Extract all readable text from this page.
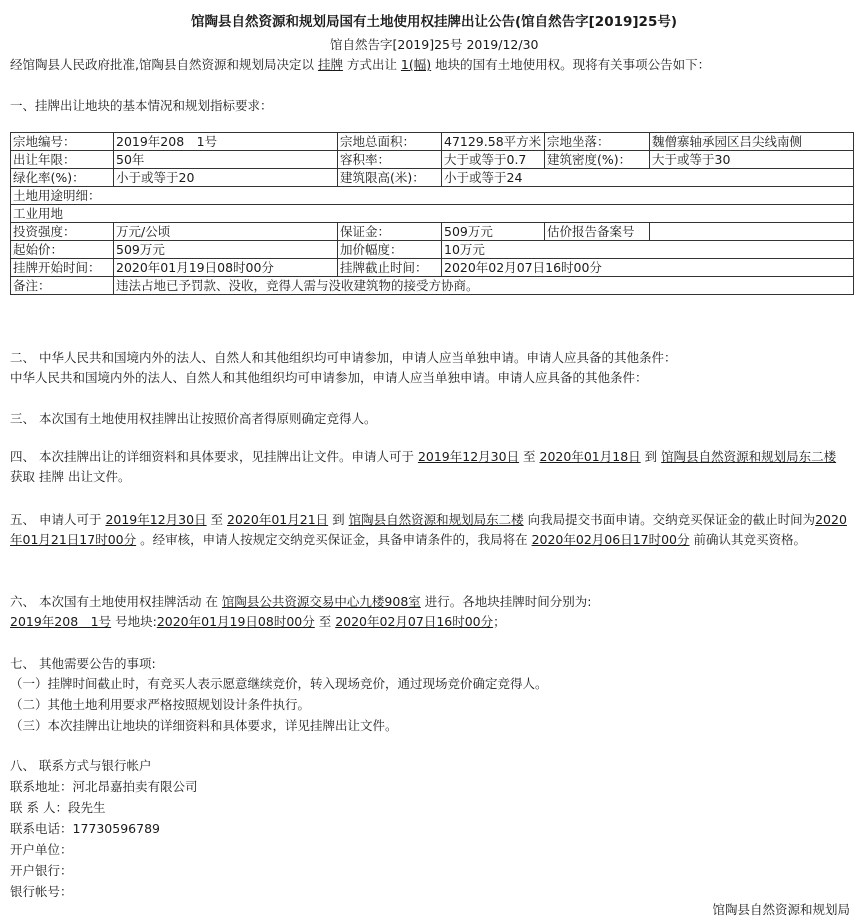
馆陶县自然资源和规划局国有土地使用权挂牌出让公告(馆自然告字[2019]25号)
馆自然告字[2019]25号 2019/12/30
经馆陶县人民政府批准,馆陶县自然资源和规划局决定以 挂牌 方式出让 1(幅) 地块的国有土地使用权。现将有关事项公告如下：
一、挂牌出让地块的基本情况和规划指标要求：
宗地编号：	2019年208　1号	宗地总面积：	47129.58平方米	宗地坐落：	魏僧寨轴承园区吕尖线南侧
出让年限：	50年	容积率：	大于或等于0.7	建筑密度(%)：	大于或等于30
绿化率(%)：	小于或等于20	建筑限高(米)：	小于或等于24		
土地用途明细：					
工业用地					
投资强度：	万元/公顷	保证金：	509万元	估价报告备案号	
起始价：	509万元	加价幅度：	10万元		
挂牌开始时间：	2020年01月19日08时00分	挂牌截止时间：	2020年02月07日16时00分		
备注：	违法占地已予罚款、没收，竞得人需与没收建筑物的接受方协商。				
二、 中华人民共和国境内外的法人、自然人和其他组织均可申请参加，申请人应当单独申请。申请人应具备的其他条件：
中华人民共和国境内外的法人、自然人和其他组织均可申请参加，申请人应当单独申请。申请人应具备的其他条件：
三、 本次国有土地使用权挂牌出让按照价高者得原则确定竞得人。
四、 本次挂牌出让的详细资料和具体要求，见挂牌出让文件。申请人可于 2019年12月30日 至 2020年01月18日 到 馆陶县自然资源和规划局东二楼 获取 挂牌 出让文件。
五、 申请人可于 2019年12月30日 至 2020年01月21日 到 馆陶县自然资源和规划局东二楼 向我局提交书面申请。交纳竞买保证金的截止时间为2020年01月21日17时00分 。经审核，申请人按规定交纳竞买保证金，具备申请条件的，我局将在 2020年02月06日17时00分 前确认其竞买资格。
六、 本次国有土地使用权挂牌活动 在 馆陶县公共资源交易中心九楼908室 进行。各地块挂牌时间分别为:
2019年208　1号 号地块:2020年01月19日08时00分 至 2020年02月07日16时00分；
七、 其他需要公告的事项:
（一）挂牌时间截止时，有竞买人表示愿意继续竞价，转入现场竞价，通过现场竞价确定竞得人。
（二）其他土地利用要求严格按照规划设计条件执行。
（三）本次挂牌出让地块的详细资料和具体要求，详见挂牌出让文件。
八、 联系方式与银行帐户
联系地址：河北昂嘉拍卖有限公司
联 系 人：段先生
联系电话：17730596789
开户单位：
开户银行：
银行帐号：
馆陶县自然资源和规划局
